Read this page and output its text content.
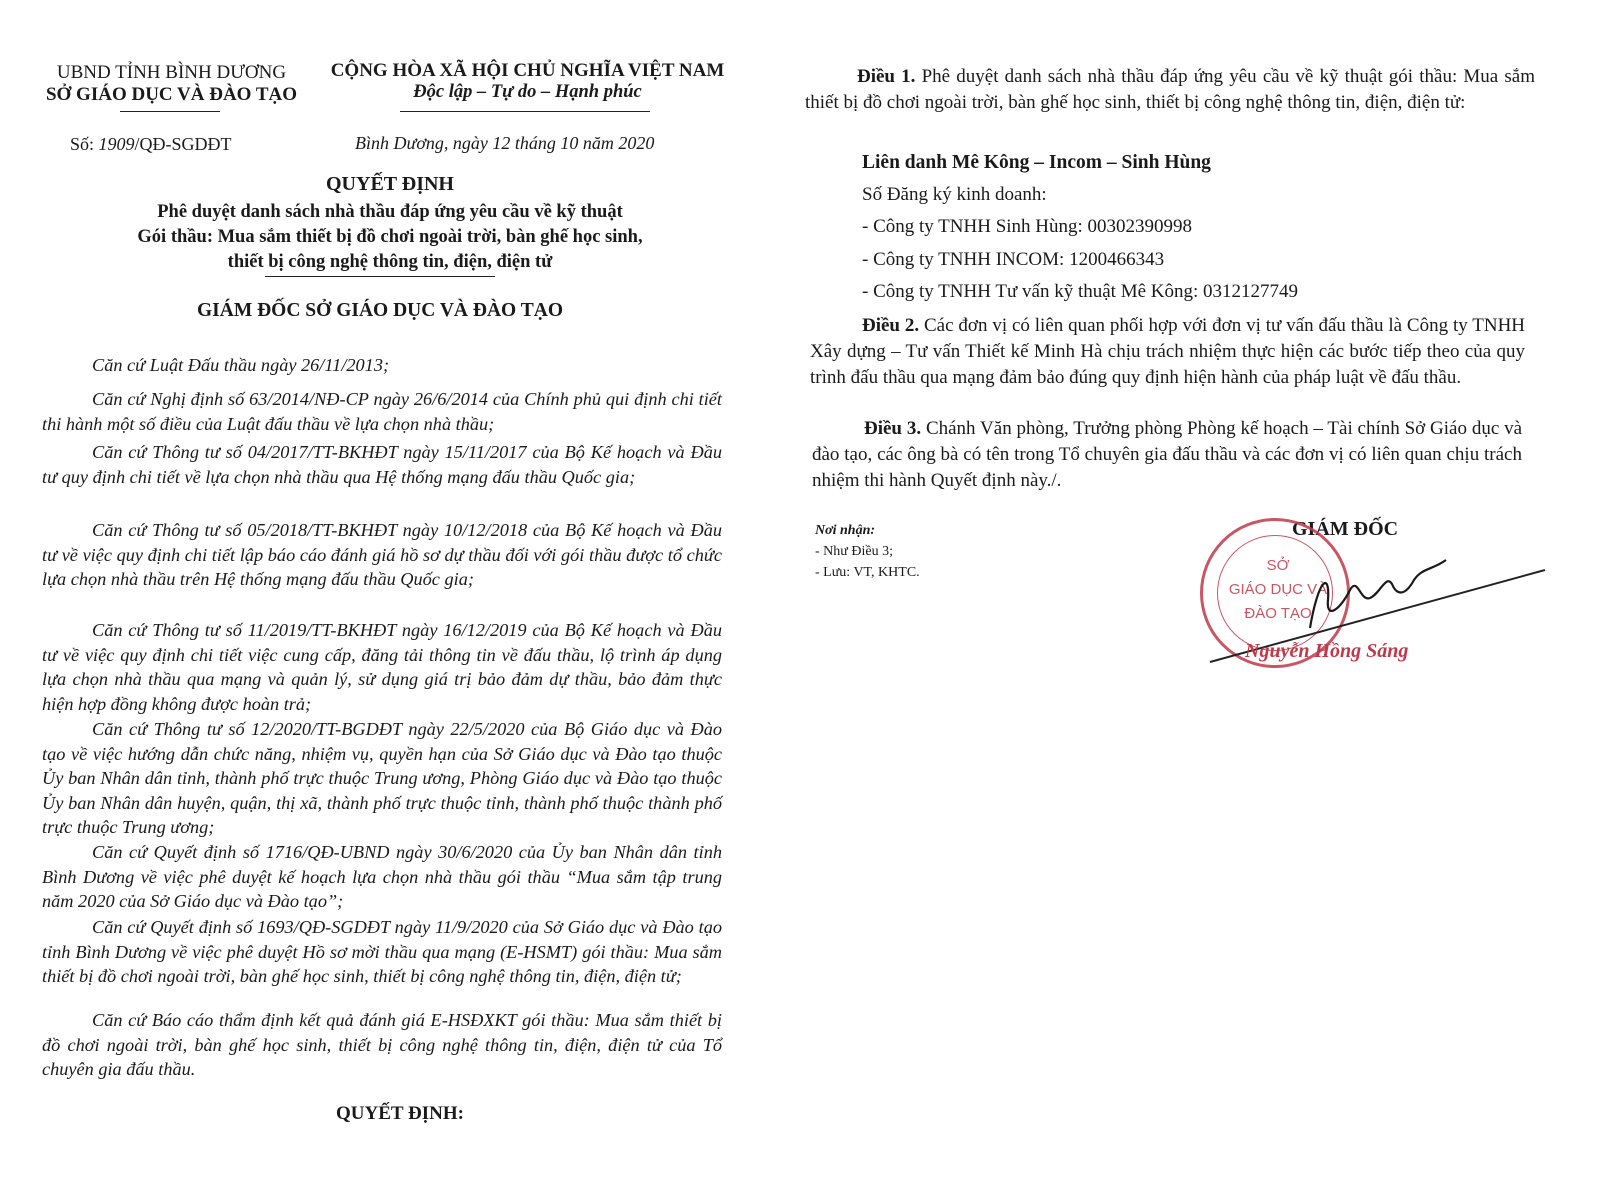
UBND TỈNH BÌNH DƯƠNG
SỞ GIÁO DỤC VÀ ĐÀO TẠO
CỘNG HÒA XÃ HỘI CHỦ NGHĨA VIỆT NAM
Độc lập – Tự do – Hạnh phúc
Số: 1909/QĐ-SGDĐT	Bình Dương, ngày 12 tháng 10 năm 2020
QUYẾT ĐỊNH
Phê duyệt danh sách nhà thầu đáp ứng yêu cầu về kỹ thuật
Gói thầu: Mua sắm thiết bị đồ chơi ngoài trời, bàn ghế học sinh,
thiết bị công nghệ thông tin, điện, điện tử
GIÁM ĐỐC SỞ GIÁO DỤC VÀ ĐÀO TẠO
Căn cứ Luật Đấu thầu ngày 26/11/2013;
Căn cứ Nghị định số 63/2014/NĐ-CP ngày 26/6/2014 của Chính phủ qui định chi tiết thi hành một số điều của Luật đấu thầu về lựa chọn nhà thầu;
Căn cứ Thông tư số 04/2017/TT-BKHĐT ngày 15/11/2017 của Bộ Kế hoạch và Đầu tư quy định chi tiết về lựa chọn nhà thầu qua Hệ thống mạng đấu thầu Quốc gia;
Căn cứ Thông tư số 05/2018/TT-BKHĐT ngày 10/12/2018 của Bộ Kế hoạch và Đầu tư về việc quy định chi tiết lập báo cáo đánh giá hồ sơ dự thầu đối với gói thầu được tổ chức lựa chọn nhà thầu trên Hệ thống mạng đấu thầu Quốc gia;
Căn cứ Thông tư số 11/2019/TT-BKHĐT ngày 16/12/2019 của Bộ Kế hoạch và Đầu tư về việc quy định chi tiết việc cung cấp, đăng tải thông tin về đấu thầu, lộ trình áp dụng lựa chọn nhà thầu qua mạng và quản lý, sử dụng giá trị bảo đảm dự thầu, bảo đảm thực hiện hợp đồng không được hoàn trả;
Căn cứ Thông tư số 12/2020/TT-BGDĐT ngày 22/5/2020 của Bộ Giáo dục và Đào tạo về việc hướng dẫn chức năng, nhiệm vụ, quyền hạn của Sở Giáo dục và Đào tạo thuộc Ủy ban Nhân dân tỉnh, thành phố trực thuộc Trung ương, Phòng Giáo dục và Đào tạo thuộc Ủy ban Nhân dân huyện, quận, thị xã, thành phố trực thuộc tỉnh, thành phố thuộc thành phố trực thuộc Trung ương;
Căn cứ Quyết định số 1716/QĐ-UBND ngày 30/6/2020 của Ủy ban Nhân dân tỉnh Bình Dương về việc phê duyệt kế hoạch lựa chọn nhà thầu gói thầu “Mua sắm tập trung năm 2020 của Sở Giáo dục và Đào tạo”;
Căn cứ Quyết định số 1693/QĐ-SGDĐT ngày 11/9/2020 của Sở Giáo dục và Đào tạo tỉnh Bình Dương về việc phê duyệt Hồ sơ mời thầu qua mạng (E-HSMT) gói thầu: Mua sắm thiết bị đồ chơi ngoài trời, bàn ghế học sinh, thiết bị công nghệ thông tin, điện, điện tử;
Căn cứ Báo cáo thẩm định kết quả đánh giá E-HSĐXKT gói thầu: Mua sắm thiết bị đồ chơi ngoài trời, bàn ghế học sinh, thiết bị công nghệ thông tin, điện, điện tử của Tổ chuyên gia đấu thầu.
QUYẾT ĐỊNH:
Điều 1. Phê duyệt danh sách nhà thầu đáp ứng yêu cầu về kỹ thuật gói thầu: Mua sắm thiết bị đồ chơi ngoài trời, bàn ghế học sinh, thiết bị công nghệ thông tin, điện, điện tử:
Liên danh Mê Kông – Incom – Sinh Hùng
Số Đăng ký kinh doanh:
- Công ty TNHH Sinh Hùng: 00302390998
- Công ty TNHH INCOM: 1200466343
- Công ty TNHH Tư vấn kỹ thuật Mê Kông: 0312127749
Điều 2. Các đơn vị có liên quan phối hợp với đơn vị tư vấn đấu thầu là Công ty TNHH Xây dựng – Tư vấn Thiết kế Minh Hà chịu trách nhiệm thực hiện các bước tiếp theo của quy trình đấu thầu qua mạng đảm bảo đúng quy định hiện hành của pháp luật về đấu thầu.
Điều 3. Chánh Văn phòng, Trưởng phòng Phòng kế hoạch – Tài chính Sở Giáo dục và đào tạo, các ông bà có tên trong Tổ chuyên gia đấu thầu và các đơn vị có liên quan chịu trách nhiệm thi hành Quyết định này./.
Nơi nhận:
- Như Điều 3;
- Lưu: VT, KHTC.
GIÁM ĐỐC
SỞ
GIÁO DỤC VÀ
ĐÀO TẠO
Nguyễn Hồng Sáng
